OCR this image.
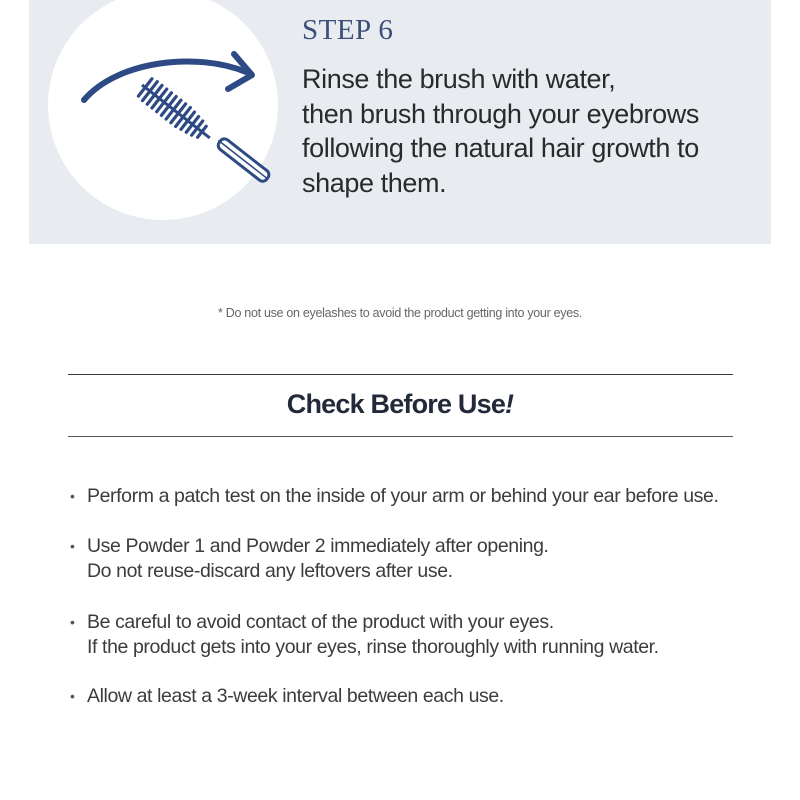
STEP 6
Rinse the brush with water,
then brush through your eyebrows
following the natural hair growth to
shape them.
* Do not use on eyelashes to avoid the product getting into your eyes.
Check Before Use!
• Perform a patch test on the inside of your arm or behind your ear before use.
• Use Powder 1 and Powder 2 immediately after opening.
Do not reuse-discard any leftovers after use.
• Be careful to avoid contact of the product with your eyes.
If the product gets into your eyes, rinse thoroughly with running water.
• Allow at least a 3-week interval between each use.
